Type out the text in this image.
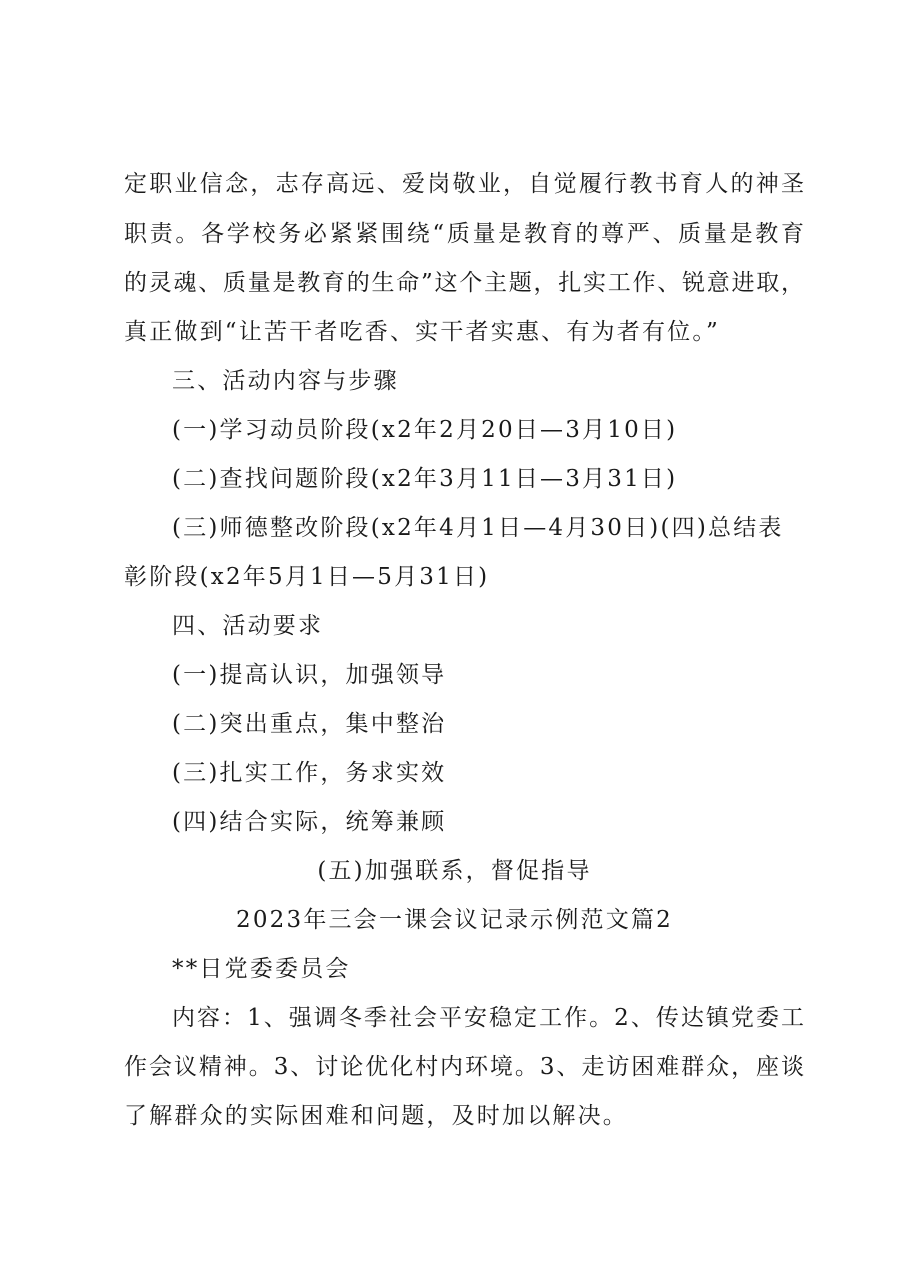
定职业信念，志存高远、爱岗敬业，自觉履行教书育人的神圣
职责。各学校务必紧紧围绕“质量是教育的尊严、质量是教育
的灵魂、质量是教育的生命”这个主题，扎实工作、锐意进取，
真正做到“让苦干者吃香、实干者实惠、有为者有位。”
三、活动内容与步骤
(一)学习动员阶段(x2年2月20日—3月10日)
(二)查找问题阶段(x2年3月11日—3月31日)
(三)师德整改阶段(x2年4月1日—4月30日)(四)总结表
彰阶段(x2年5月1日—5月31日)
四、活动要求
(一)提高认识，加强领导
(二)突出重点，集中整治
(三)扎实工作，务求实效
(四)结合实际，统筹兼顾
(五)加强联系，督促指导
2023年三会一课会议记录示例范文篇2
**日党委委员会
内容：1、强调冬季社会平安稳定工作。2、传达镇党委工
作会议精神。3、讨论优化村内环境。3、走访困难群众，座谈
了解群众的实际困难和问题，及时加以解决。
